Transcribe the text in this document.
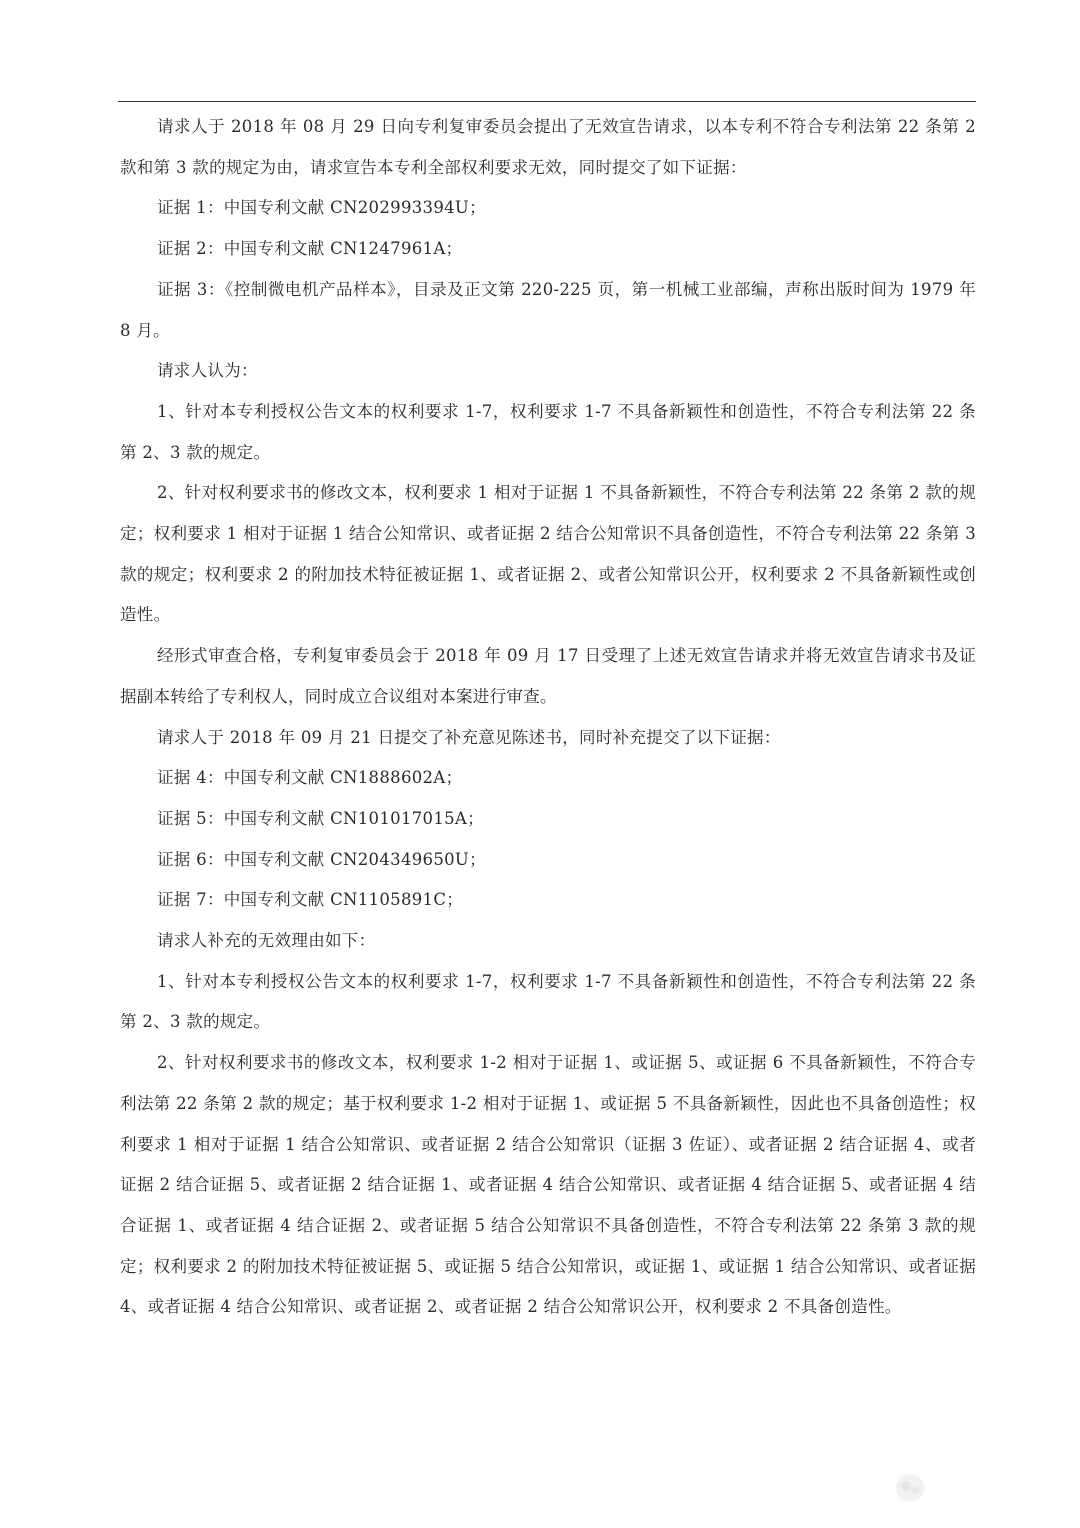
请求人于 2018 年 08 月 29 日向专利复审委员会提出了无效宣告请求，以本专利不符合专利法第 22 条第 2 款和第 3 款的规定为由，请求宣告本专利全部权利要求无效，同时提交了如下证据：

证据 1：中国专利文献 CN202993394U；

证据 2：中国专利文献 CN1247961A；

证据 3：《控制微电机产品样本》，目录及正文第 220-225 页，第一机械工业部编，声称出版时间为 1979 年 8 月。

请求人认为：

1、针对本专利授权公告文本的权利要求 1-7，权利要求 1-7 不具备新颖性和创造性，不符合专利法第 22 条第 2、3 款的规定。

2、针对权利要求书的修改文本，权利要求 1 相对于证据 1 不具备新颖性，不符合专利法第 22 条第 2 款的规定；权利要求 1 相对于证据 1 结合公知常识、或者证据 2 结合公知常识不具备创造性，不符合专利法第 22 条第 3 款的规定；权利要求 2 的附加技术特征被证据 1、或者证据 2、或者公知常识公开，权利要求 2 不具备新颖性或创造性。

经形式审查合格，专利复审委员会于 2018 年 09 月 17 日受理了上述无效宣告请求并将无效宣告请求书及证据副本转给了专利权人，同时成立合议组对本案进行审查。

请求人于 2018 年 09 月 21 日提交了补充意见陈述书，同时补充提交了以下证据：

证据 4：中国专利文献 CN1888602A；

证据 5：中国专利文献 CN101017015A；

证据 6：中国专利文献 CN204349650U；

证据 7：中国专利文献 CN1105891C；

请求人补充的无效理由如下：

1、针对本专利授权公告文本的权利要求 1-7，权利要求 1-7 不具备新颖性和创造性，不符合专利法第 22 条第 2、3 款的规定。

2、针对权利要求书的修改文本，权利要求 1-2 相对于证据 1、或证据 5、或证据 6 不具备新颖性，不符合专利法第 22 条第 2 款的规定；基于权利要求 1-2 相对于证据 1、或证据 5 不具备新颖性，因此也不具备创造性；权利要求 1 相对于证据 1 结合公知常识、或者证据 2 结合公知常识（证据 3 佐证）、或者证据 2 结合证据 4、或者证据 2 结合证据 5、或者证据 2 结合证据 1、或者证据 4 结合公知常识、或者证据 4 结合证据 5、或者证据 4 结合证据 1、或者证据 4 结合证据 2、或者证据 5 结合公知常识不具备创造性，不符合专利法第 22 条第 3 款的规定；权利要求 2 的附加技术特征被证据 5、或证据 5 结合公知常识，或证据 1、或证据 1 结合公知常识、或者证据 4、或者证据 4 结合公知常识、或者证据 2、或者证据 2 结合公知常识公开，权利要求 2 不具备创造性。
